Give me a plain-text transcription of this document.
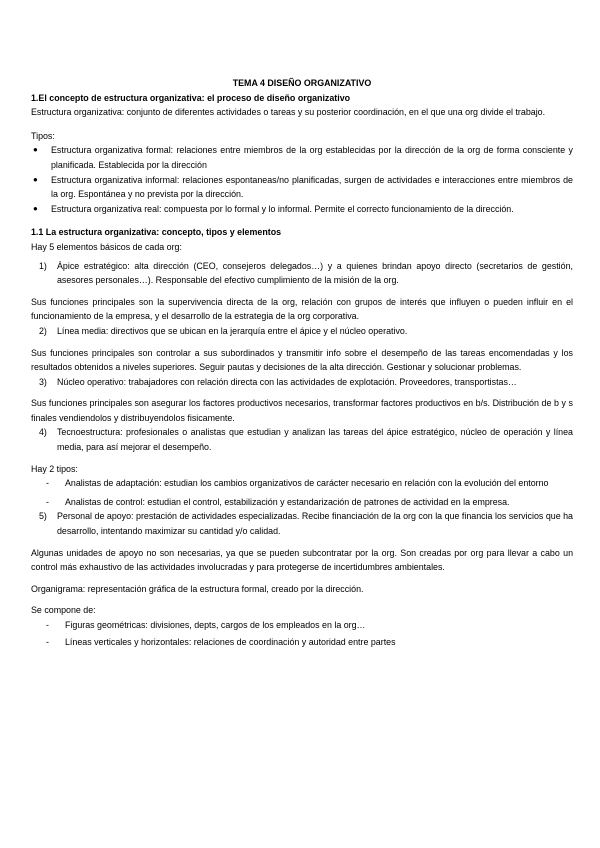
TEMA 4 DISEÑO ORGANIZATIVO

1.El concepto de estructura organizativa: el proceso de diseño organizativo

Estructura organizativa: conjunto de diferentes actividades o tareas y su posterior coordinación, en el que una org divide el trabajo.

Tipos:

● Estructura organizativa formal: relaciones entre miembros de la org establecidas por la dirección de la org de forma consciente y planificada. Establecida por la dirección
● Estructura organizativa informal: relaciones espontaneas/no planificadas, surgen de actividades e interacciones entre miembros de la org. Espontánea y no prevista por la dirección.
● Estructura organizativa real: compuesta por lo formal y lo informal. Permite el correcto funcionamiento de la dirección.

1.1 La estructura organizativa: concepto, tipos y elementos

Hay 5 elementos básicos de cada org:

1) Ápice estratégico: alta dirección (CEO, consejeros delegados…) y a quienes brindan apoyo directo (secretarios de gestión, asesores personales…). Responsable del efectivo cumplimiento de la misión de la org.

Sus funciones principales son la supervivencia directa de la org, relación con grupos de interés que influyen o pueden influir en el funcionamiento de la empresa, y el desarrollo de la estrategia de la org corporativa.

2) Línea media: directivos que se ubican en la jerarquía entre el ápice y el núcleo operativo.

Sus funciones principales son controlar a sus subordinados y transmitir info sobre el desempeño de las tareas encomendadas y los resultados obtenidos a niveles superiores. Seguir pautas y decisiones de la alta dirección. Gestionar y solucionar problemas.

3) Núcleo operativo: trabajadores con relación directa con las actividades de explotación. Proveedores, transportistas…

Sus funciones principales son asegurar los factores productivos necesarios, transformar factores productivos en b/s. Distribución de b y s finales vendiendolos y distribuyendolos fisicamente.

4) Tecnoestructura: profesionales o analistas que estudian y analizan las tareas del ápice estratégico, núcleo de operación y línea media, para así mejorar el desempeño.

Hay 2 tipos:

- Analistas de adaptación: estudian los cambios organizativos de carácter necesario en relación con la evolución del entorno
- Analistas de control: estudian el control, estabilización y estandarización de patrones de actividad en la empresa.
5) Personal de apoyo: prestación de actividades especializadas. Recibe financiación de la org con la que financia los servicios que ha desarrollo, intentando maximizar su cantidad y/o calidad.

Algunas unidades de apoyo no son necesarias, ya que se pueden subcontratar por la org. Son creadas por org para llevar a cabo un control más exhaustivo de las actividades involucradas y para protegerse de incertidumbres ambientales.

Organigrama: representación gráfica de la estructura formal, creado por la dirección.

Se compone de:

- Figuras geométricas: divisiones, depts, cargos de los empleados en la org…
- Líneas verticales y horizontales: relaciones de coordinación y autoridad entre partes
